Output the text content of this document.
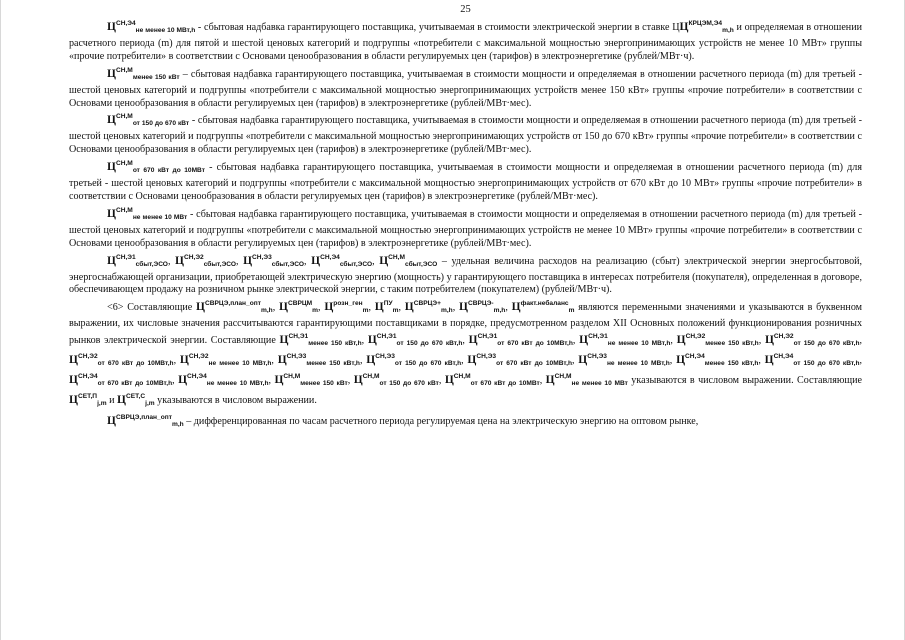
25
$Ц^{СН,Э4}_{не менее 10 МВт,h}$ - сбытовая надбавка гарантирующего поставщика, учитываемая в стоимости электрической энергии в ставке $ЦЦ^{КРЦЭМ,Э4}_{m,h}$ и определяемая в отношении расчетного периода (m) для пятой и шестой ценовых категорий и подгруппы «потребители с максимальной мощностью энергопринимающих устройств не менее 10 МВт» группы «прочие потребители» в соответствии с Основами ценообразования в области регулируемых цен (тарифов) в электроэнергетике (рублей/МВт·ч).
$Ц^{СН,М}_{менее 150 кВт}$ – сбытовая надбавка гарантирующего поставщика, учитываемая в стоимости мощности и определяемая в отношении расчетного периода (m) для третьей - шестой ценовых категорий и подгруппы «потребители с максимальной мощностью энергопринимающих устройств менее 150 кВт» группы «прочие потребители» в соответствии с Основами ценообразования в области регулируемых цен (тарифов) в электроэнергетике (рублей/МВт·мес).
$Ц^{СН,М}_{от 150 до 670 кВт}$ - сбытовая надбавка гарантирующего поставщика, учитываемая в стоимости мощности и определяемая в отношении расчетного периода (m) для третьей - шестой ценовых категорий и подгруппы «потребители с максимальной мощностью энергопринимающих устройств от 150 до 670 кВт» группы «прочие потребители» в соответствии с Основами ценообразования в области регулируемых цен (тарифов) в электроэнергетике (рублей/МВт·мес).
$Ц^{СН,М}_{от 670 кВт до 10МВт}$ - сбытовая надбавка гарантирующего поставщика, учитываемая в стоимости мощности и определяемая в отношении расчетного периода (m) для третьей - шестой ценовых категорий и подгруппы «потребители с максимальной мощностью энергопринимающих устройств от 670 кВт до 10 МВт» группы «прочие потребители» в соответствии с Основами ценообразования в области регулируемых цен (тарифов) в электроэнергетике (рублей/МВт·мес).
$Ц^{СН,М}_{не менее 10 МВт}$ - сбытовая надбавка гарантирующего поставщика, учитываемая в стоимости мощности и определяемая в отношении расчетного периода (m) для третьей - шестой ценовых категорий и подгруппы «потребители с максимальной мощностью энергопринимающих устройств не менее 10 МВт» группы «прочие потребители» в соответствии с Основами ценообразования в области регулируемых цен (тарифов) в электроэнергетике (рублей/МВт·мес).
$Ц^{СН,Э1}_{сбыт,ЭСО}$, $Ц^{СН,Э2}_{сбыт,ЭСО}$, $Ц^{СН,Э3}_{сбыт,ЭСО}$, $Ц^{СН,Э4}_{сбыт,ЭСО}$, $Ц^{СН,М}_{сбыт,ЭСО}$ – удельная величина расходов на реализацию (сбыт) электрической энергии энергосбытовой, энергоснабжающей организации, приобретающей электрическую энергию (мощность) у гарантирующего поставщика в интересах потребителя (покупателя), определенная в договоре, обеспечивающем продажу на розничном рынке электрической энергии, с таким потребителем (покупателем) (рублей/МВт·ч).
<6> Составляющие $Ц^{СВРЦЭ,план\_опт}_{m,h}$, $Ц^{СВРЦМ}_m$, $Ц^{розн\_ген}_m$, $Ц^{ПУ}_m$, $Ц^{СВРЦЭ+}_{m,h}$, $Ц^{СВРЦЭ-}_{m,h}$, $Ц^{факт.небаланс}_m$ являются переменными значениями и указываются в буквенном выражении, их числовые значения рассчитываются гарантирующими поставщиками в порядке, предусмотренном разделом XII Основных положений функционирования розничных рынков электрической энергии. Составляющие $Ц^{СН,Э1}_{менее 150 кВт,h}$, $Ц^{СН,Э1}_{от 150 до 670 кВт,h}$, $Ц^{СН,Э1}_{от 670 кВт до 10МВт,h}$, $Ц^{СН,Э1}_{не менее 10 МВт,h}$, $Ц^{СН,Э2}_{менее 150 кВт,h}$, $Ц^{СН,Э2}_{от 150 до 670 кВт,h}$, $Ц^{СН,Э2}_{от 670 кВт до 10МВт,h}$, $Ц^{СН,Э2}_{не менее 10 МВт,h}$, $Ц^{СН,Э3}_{менее 150 кВт,h}$, $Ц^{СН,Э3}_{от 150 до 670 кВт,h}$, $Ц^{СН,Э3}_{от 670 кВт до 10МВт,h}$, $Ц^{СН,Э3}_{не менее 10 МВт,h}$, $Ц^{СН,Э4}_{менее 150 кВт,h}$, $Ц^{СН,Э4}_{от 150 до 670 кВт,h}$, $Ц^{СН,Э4}_{от 670 кВт до 10МВт,h}$, $Ц^{СН,Э4}_{не менее 10 МВт,h}$, $Ц^{СН,М}_{менее 150 кВт}$, $Ц^{СН,М}_{от 150 до 670 кВт}$, $Ц^{СН,М}_{от 670 кВт до 10МВт}$, $Ц^{СН,М}_{не менее 10 МВт}$ указываются в числовом выражении. Составляющие $Ц^{СЕТ,П}_{j,m}$ и $Ц^{СЕТ,С}_{j,m}$ указываются в числовом выражении.
$Ц^{СВРЦЭ,план\_опт}_{m,h}$ – дифференцированная по часам расчетного периода регулируемая цена на электрическую энергию на оптовом рынке,
